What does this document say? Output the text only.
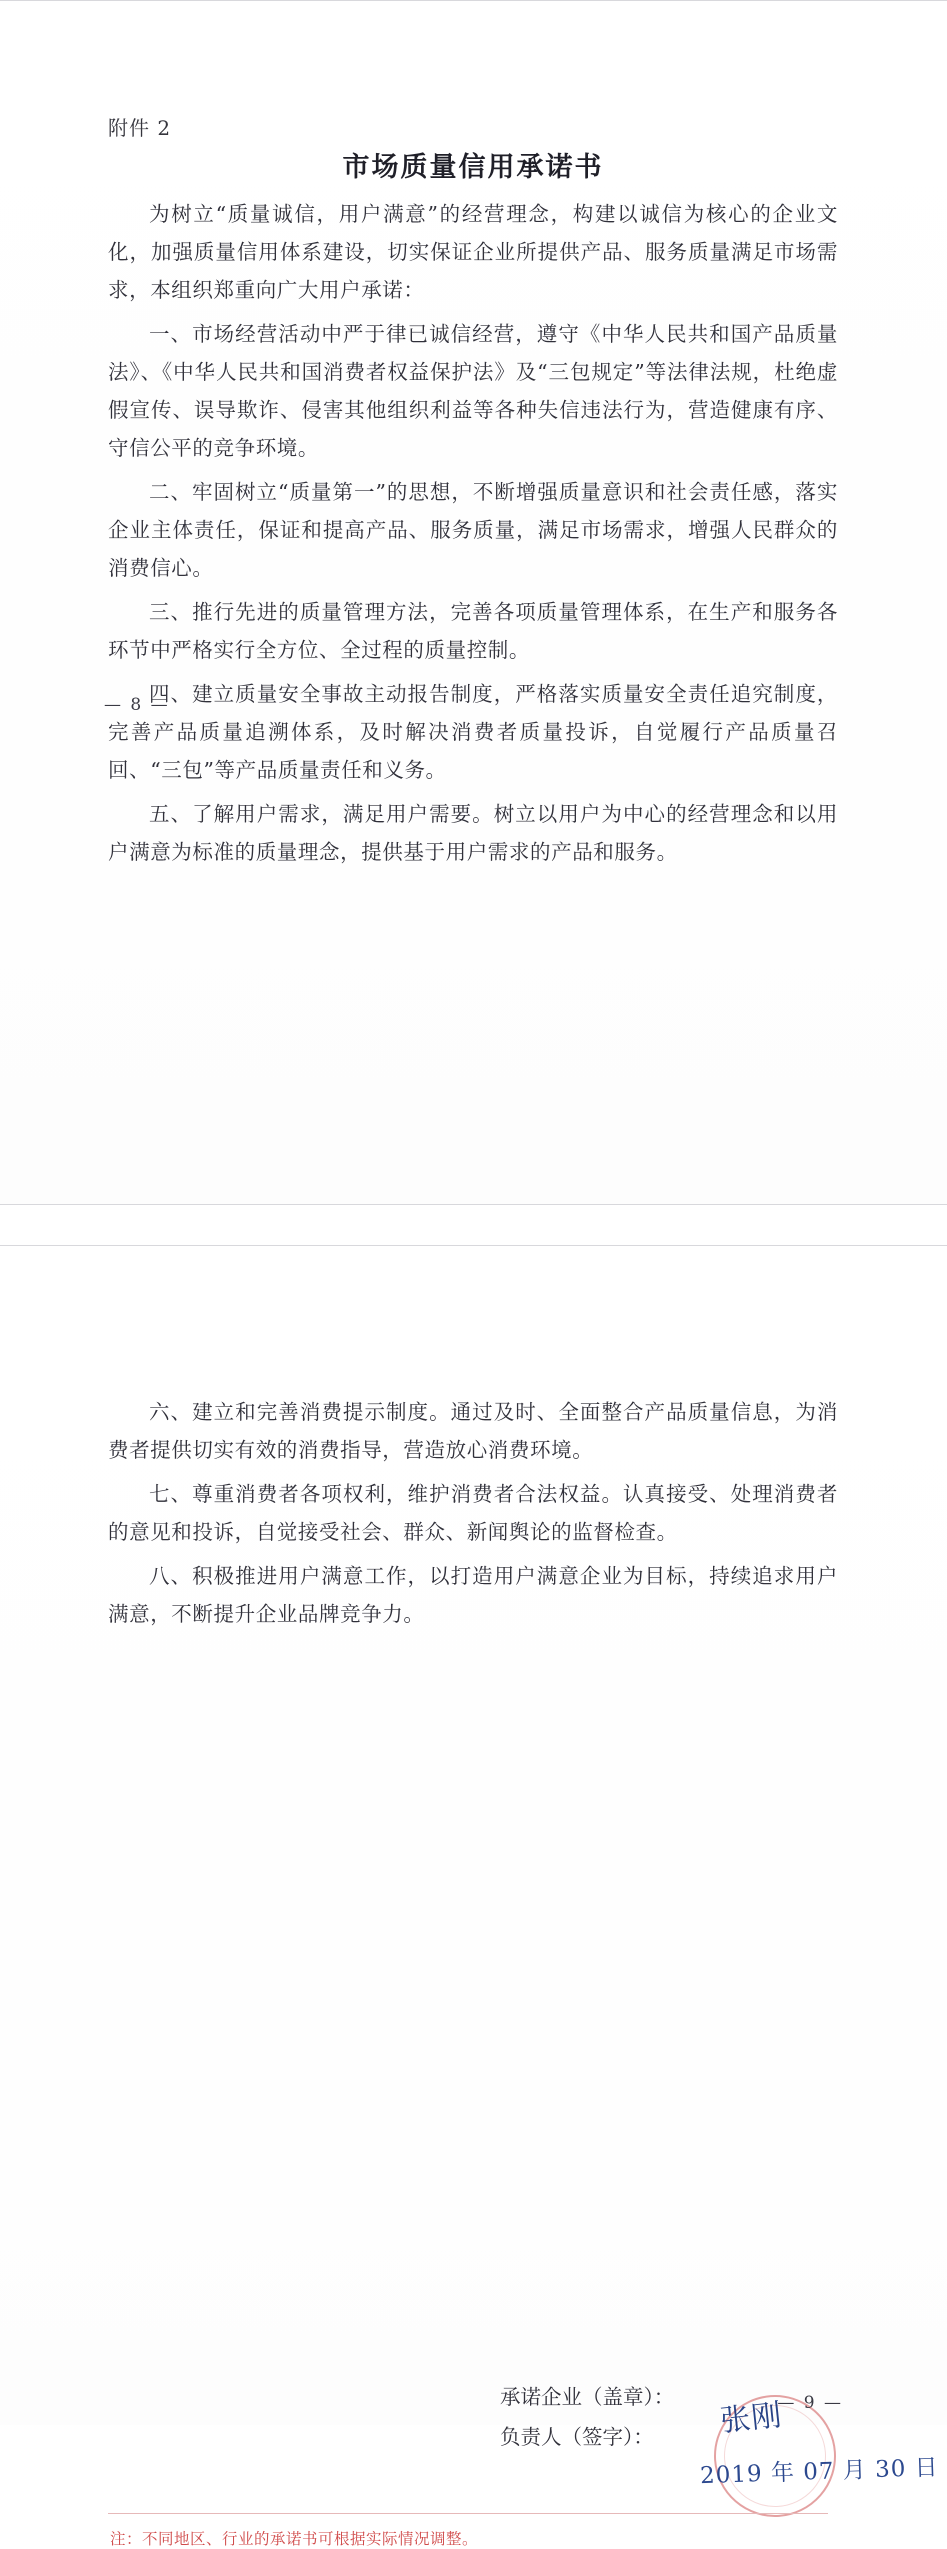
附件 2
市场质量信用承诺书

为树立“质量诚信，用户满意”的经营理念，构建以诚信为核心的企业文化，加强质量信用体系建设，切实保证企业所提供产品、服务质量满足市场需求，本组织郑重向广大用户承诺：

一、市场经营活动中严于律已诚信经营，遵守《中华人民共和国产品质量法》、《中华人民共和国消费者权益保护法》及“三包规定”等法律法规，杜绝虚假宣传、误导欺诈、侵害其他组织利益等各种失信违法行为，营造健康有序、守信公平的竞争环境。

二、牢固树立“质量第一”的思想，不断增强质量意识和社会责任感，落实企业主体责任，保证和提高产品、服务质量，满足市场需求，增强人民群众的消费信心。

三、推行先进的质量管理方法，完善各项质量管理体系，在生产和服务各环节中严格实行全方位、全过程的质量控制。

四、建立质量安全事故主动报告制度，严格落实质量安全责任追究制度，完善产品质量追溯体系，及时解决消费者质量投诉，自觉履行产品质量召回、“三包”等产品质量责任和义务。

五、了解用户需求，满足用户需要。树立以用户为中心的经营理念和以用户满意为标准的质量理念，提供基于用户需求的产品和服务。

— 8 —

六、建立和完善消费提示制度。通过及时、全面整合产品质量信息，为消费者提供切实有效的消费指导，营造放心消费环境。

七、尊重消费者各项权利，维护消费者合法权益。认真接受、处理消费者的意见和投诉，自觉接受社会、群众、新闻舆论的监督检查。

八、积极推进用户满意工作，以打造用户满意企业为目标，持续追求用户满意，不断提升企业品牌竞争力。

承诺企业（盖章）：
负责人（签字）：	张刚
2019 年 07 月 30 日
注：不同地区、行业的承诺书可根据实际情况调整。
— 9 —
